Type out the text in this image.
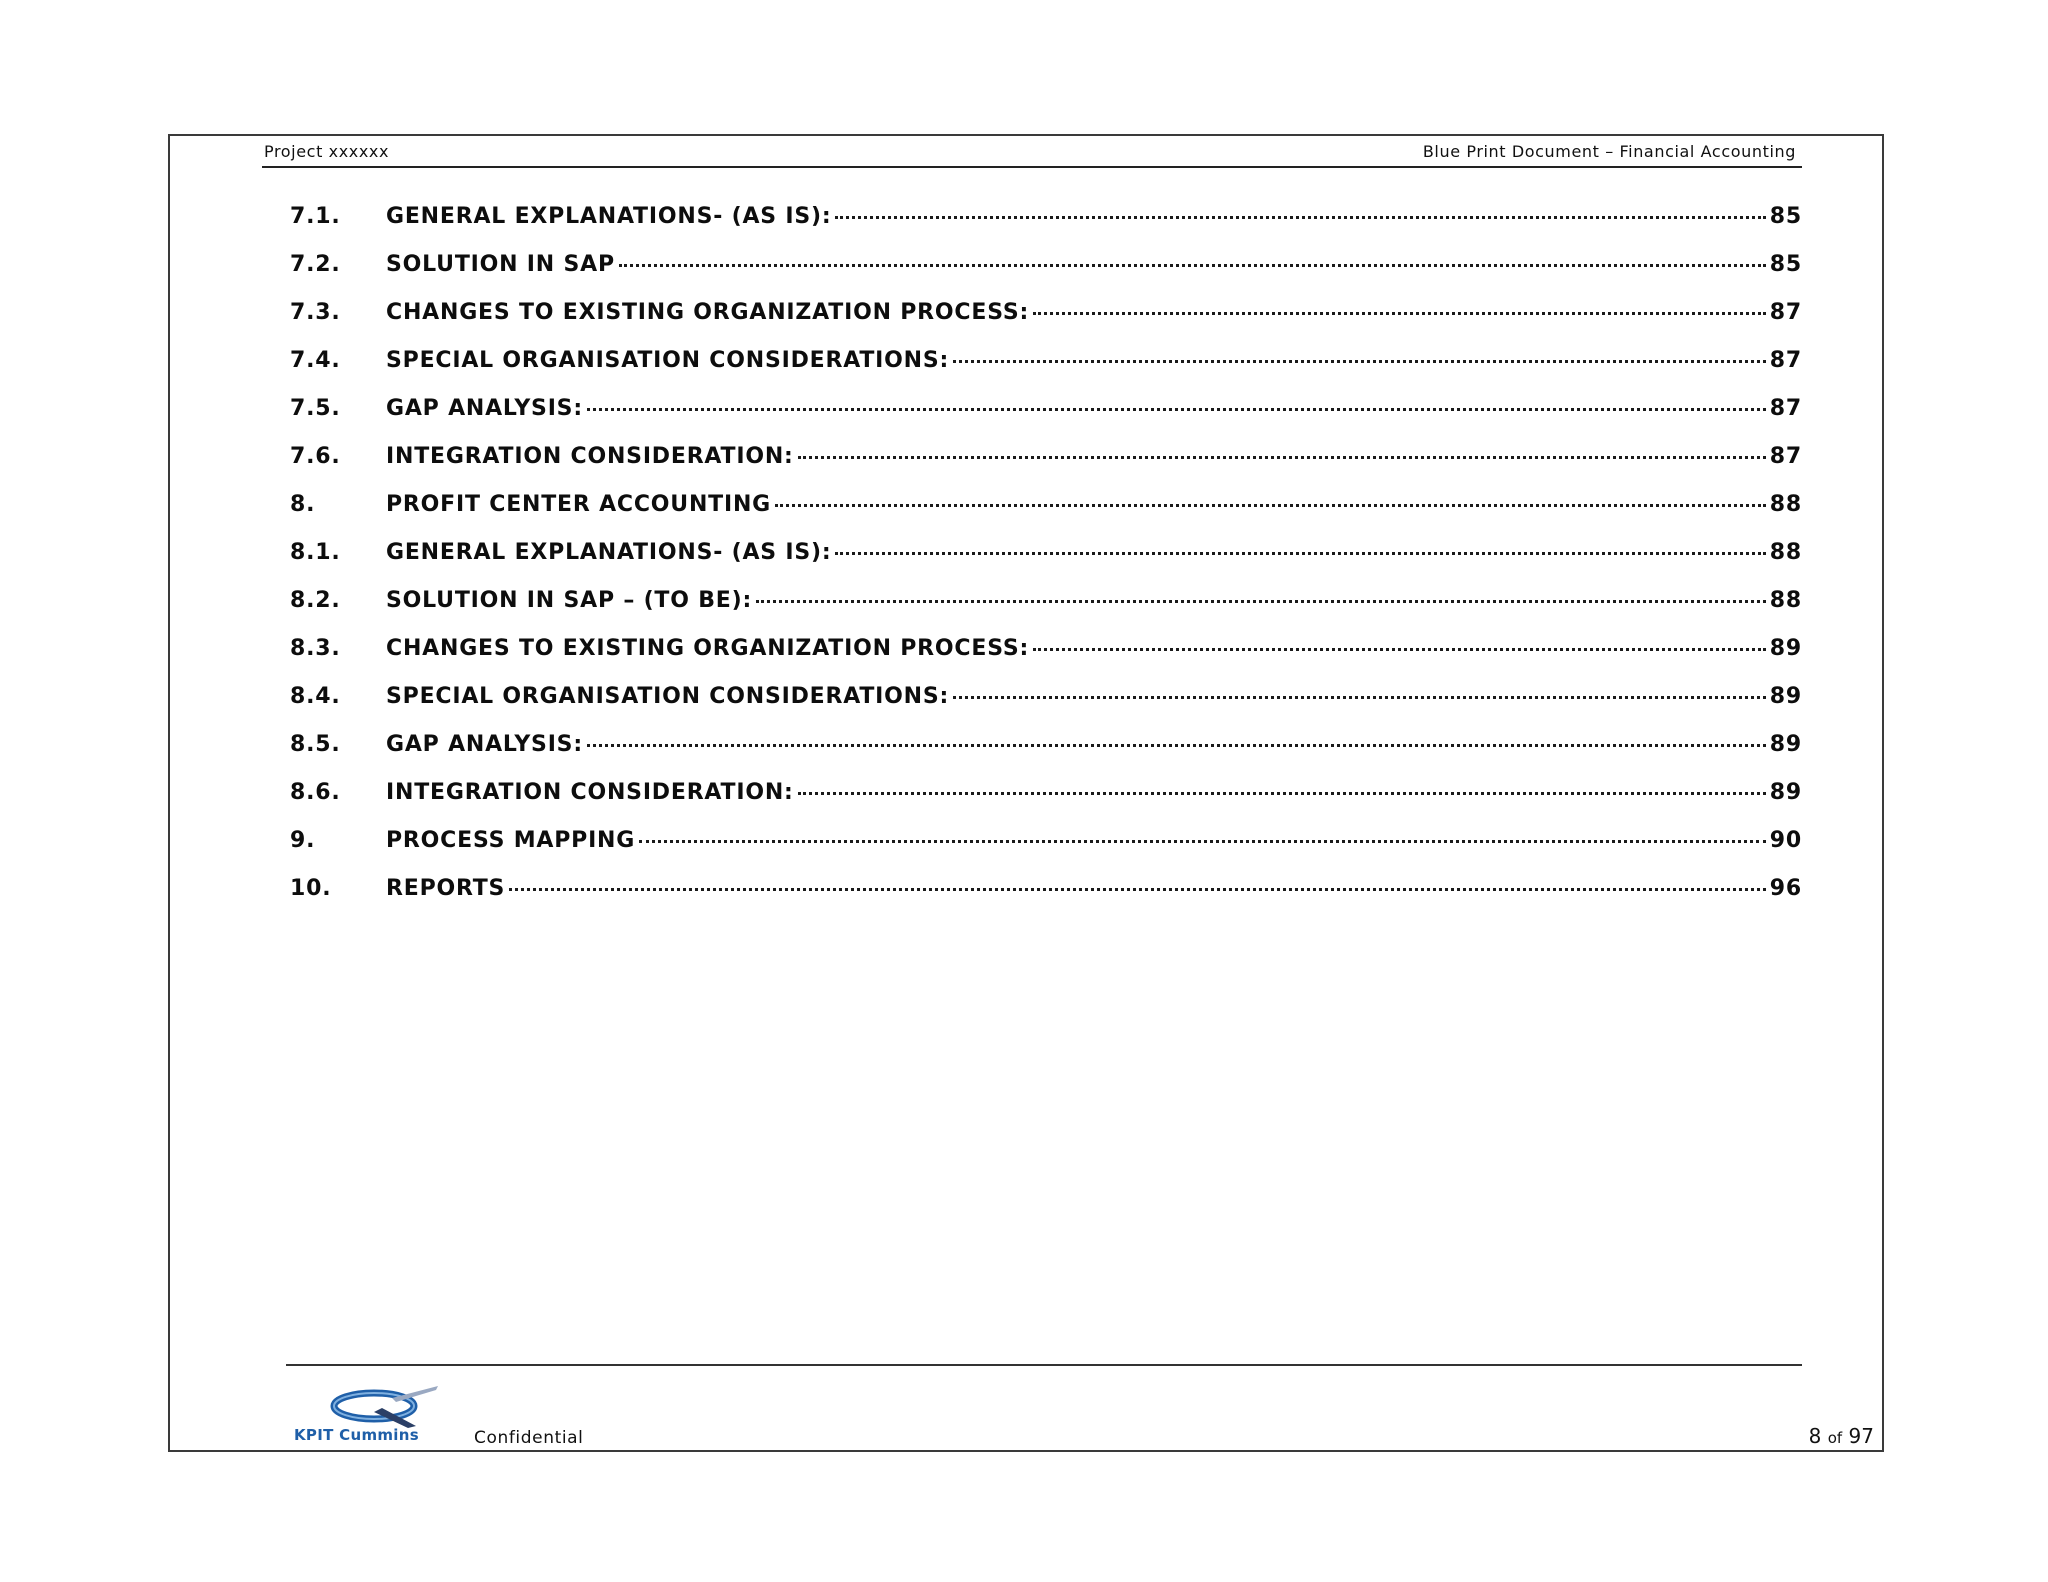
Project xxxxxx	Blue Print Document – Financial Accounting
7.1.	GENERAL EXPLANATIONS- (AS IS):	85
7.2.	SOLUTION IN SAP	85
7.3.	CHANGES TO EXISTING ORGANIZATION PROCESS:	87
7.4.	SPECIAL ORGANISATION CONSIDERATIONS:	87
7.5.	GAP ANALYSIS:	87
7.6.	INTEGRATION CONSIDERATION:	87
8.	PROFIT CENTER ACCOUNTING	88
8.1.	GENERAL EXPLANATIONS- (AS IS):	88
8.2.	SOLUTION IN SAP – (TO BE):	88
8.3.	CHANGES TO EXISTING ORGANIZATION PROCESS:	89
8.4.	SPECIAL ORGANISATION CONSIDERATIONS:	89
8.5.	GAP ANALYSIS:	89
8.6.	INTEGRATION CONSIDERATION:	89
9.	PROCESS MAPPING	90
10.	REPORTS	96
KPIT Cummins	Confidential	8 of 97
